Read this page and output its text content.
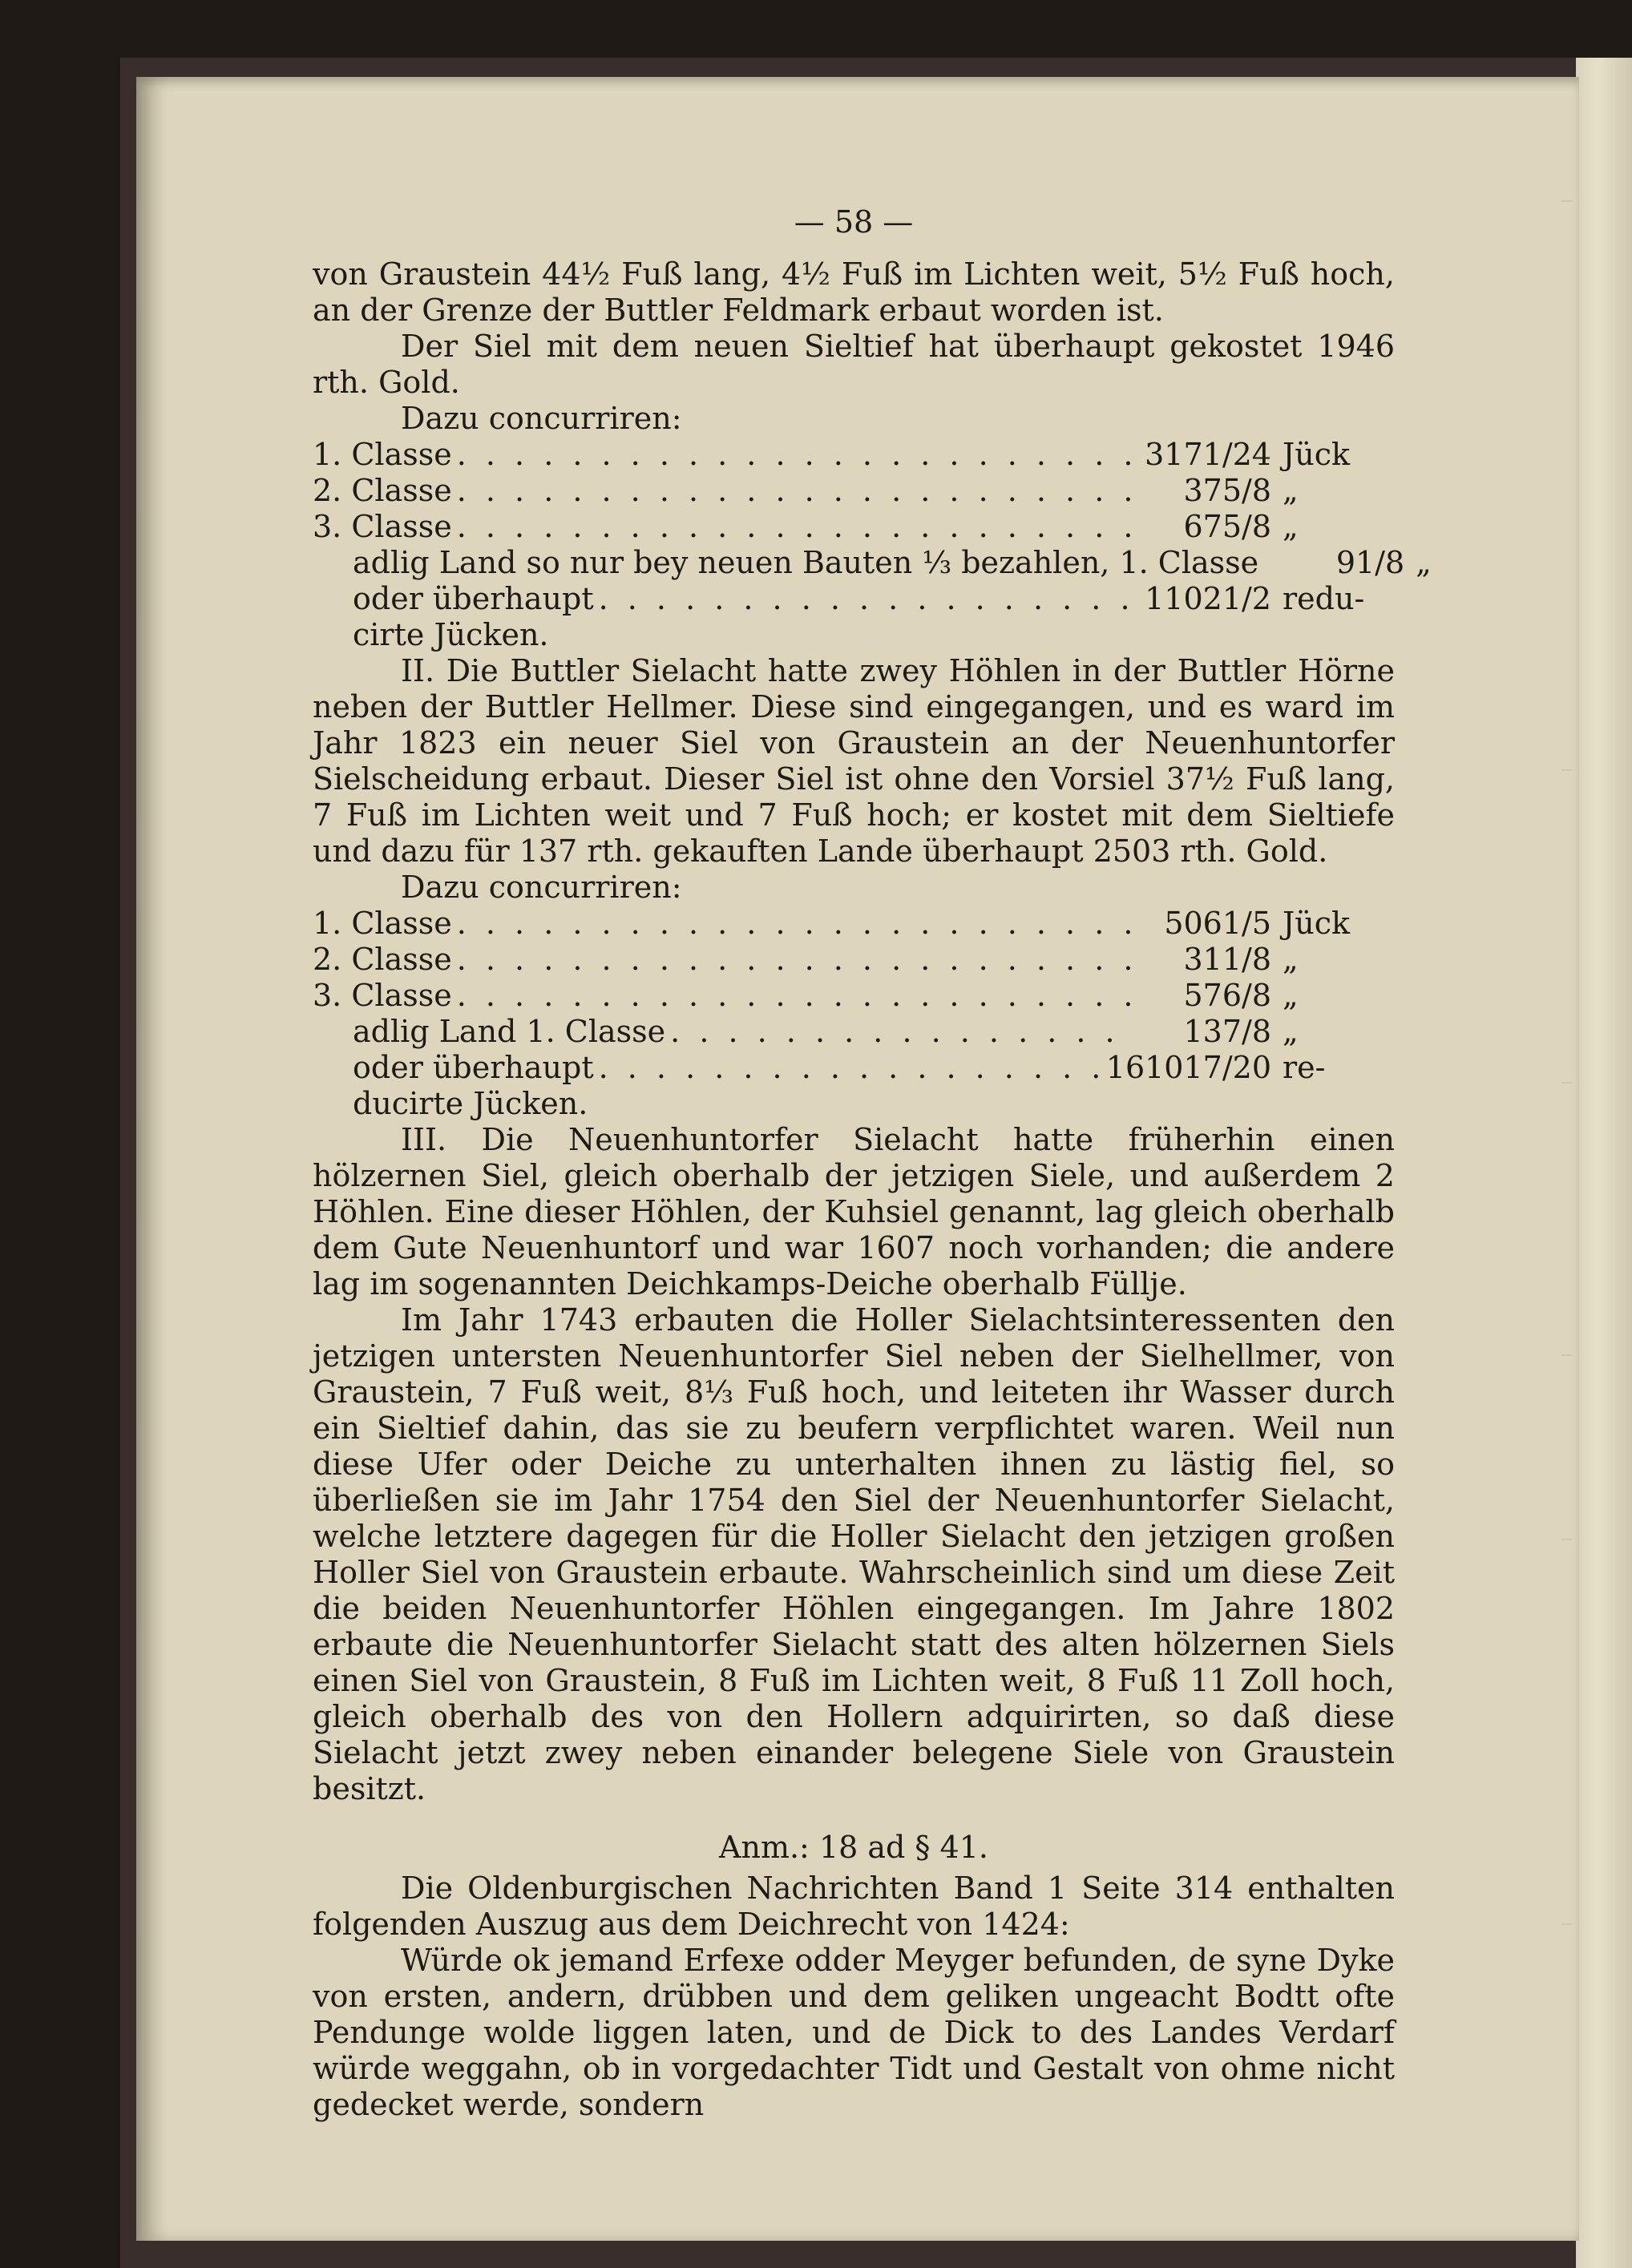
— 58 —

von Graustein 44½ Fuß lang, 4½ Fuß im Lichten weit, 5½ Fuß hoch, an der Grenze der Buttler Feldmark erbaut worden ist.

Der Siel mit dem neuen Sieltief hat überhaupt gekostet 1946 rth. Gold.

Dazu concurriren:

1. Classe . . .	3171/24 Jück
2. Classe . . .	375/8 „
3. Classe . . .	675/8 „
adlig Land so nur bey neuen Bauten ⅓ bezahlen, 1. Classe	91/8 „
oder überhaupt . . .	11021/2 redu-
cirte Jücken.

II. Die Buttler Sielacht hatte zwey Höhlen in der Buttler Hörne neben der Buttler Hellmer. Diese sind eingegangen, und es ward im Jahr 1823 ein neuer Siel von Graustein an der Neuenhuntorfer Sielscheidung erbaut. Dieser Siel ist ohne den Vorsiel 37½ Fuß lang, 7 Fuß im Lichten weit und 7 Fuß hoch; er kostet mit dem Sieltiefe und dazu für 137 rth. gekauften Lande überhaupt 2503 rth. Gold.

Dazu concurriren:

1. Classe . . .	5061/5 Jück
2. Classe . . .	311/8 „
3. Classe . . .	576/8 „
adlig Land 1. Classe . . .	137/8 „
oder überhaupt . . .	161017/20 re-
ducirte Jücken.

III. Die Neuenhuntorfer Sielacht hatte früherhin einen hölzernen Siel, gleich oberhalb der jetzigen Siele, und außerdem 2 Höhlen. Eine dieser Höhlen, der Kuhsiel genannt, lag gleich oberhalb dem Gute Neuenhuntorf und war 1607 noch vorhanden; die andere lag im sogenannten Deichkamps-Deiche oberhalb Füllje.

Im Jahr 1743 erbauten die Holler Sielachtsinteressenten den jetzigen untersten Neuenhuntorfer Siel neben der Sielhellmer, von Graustein, 7 Fuß weit, 8⅓ Fuß hoch, und leiteten ihr Wasser durch ein Sieltief dahin, das sie zu beufern verpflichtet waren. Weil nun diese Ufer oder Deiche zu unterhalten ihnen zu lästig fiel, so überließen sie im Jahr 1754 den Siel der Neuenhuntorfer Sielacht, welche letztere dagegen für die Holler Sielacht den jetzigen großen Holler Siel von Graustein erbaute. Wahrscheinlich sind um diese Zeit die beiden Neuenhuntorfer Höhlen eingegangen. Im Jahre 1802 erbaute die Neuenhuntorfer Sielacht statt des alten hölzernen Siels einen Siel von Graustein, 8 Fuß im Lichten weit, 8 Fuß 11 Zoll hoch, gleich oberhalb des von den Hollern adquirirten, so daß diese Sielacht jetzt zwey neben einander belegene Siele von Graustein besitzt.

Anm.: 18 ad § 41.

Die Oldenburgischen Nachrichten Band 1 Seite 314 enthalten folgenden Auszug aus dem Deichrecht von 1424:

Würde ok jemand Erfexe odder Meyger befunden, de syne Dyke von ersten, andern, drübben und dem geliken ungeacht Bodtt ofte Pendunge wolde liggen laten, und de Dick to des Landes Verdarf würde weggahn, ob in vorgedachter Tidt und Gestalt von ohme nicht gedecket werde, sondern
